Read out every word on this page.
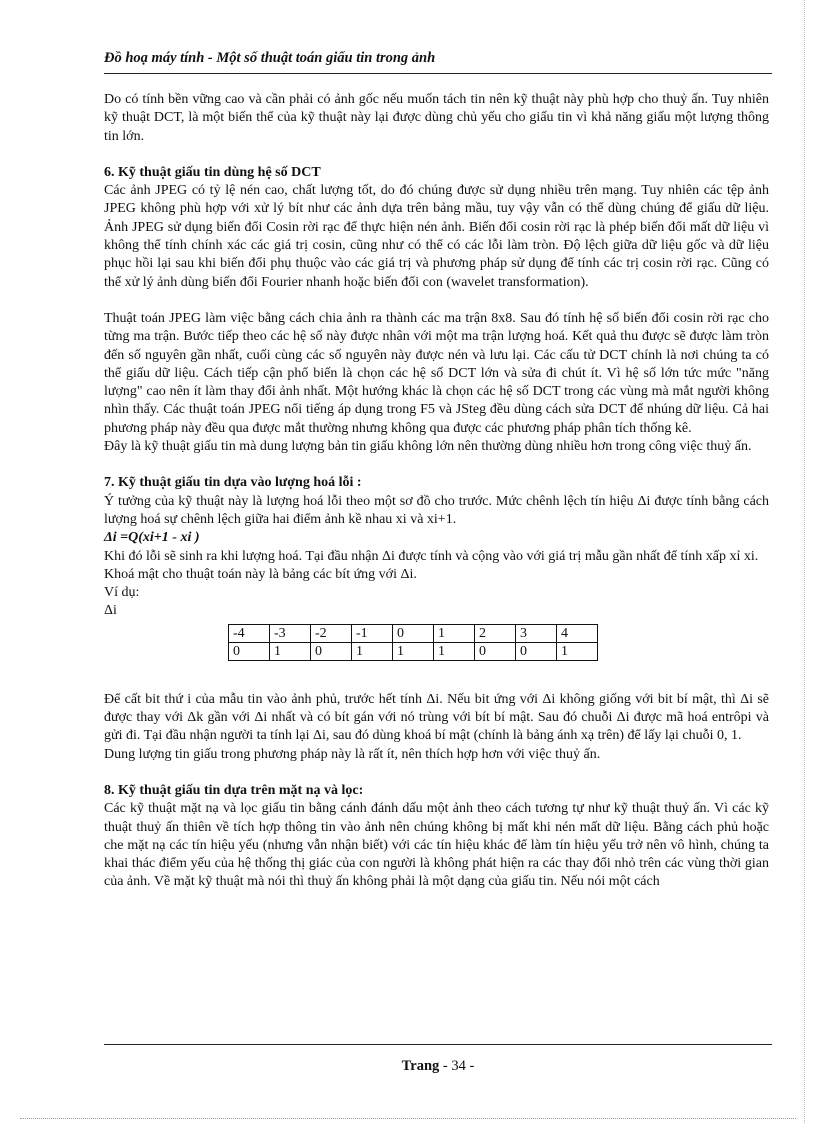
Đồ hoạ máy tính - Một số thuật toán giấu tin trong ảnh

Do có tính bền vững cao và cần phải có ảnh gốc nếu muốn tách tin nên kỹ thuật này phù hợp cho thuỷ ấn. Tuy nhiên kỹ thuật DCT, là một biến thể của kỹ thuật này lại được dùng chủ yếu cho giấu tin vì khả năng giấu một lượng thông tin lớn.

6. Kỹ thuật giấu tin dùng hệ số DCT

Các ảnh JPEG có tỷ lệ nén cao, chất lượng tốt, do đó chúng được sử dụng nhiều trên mạng. Tuy nhiên các tệp ảnh JPEG không phù hợp với xử lý bít như các ảnh dựa trên bảng mầu, tuy vậy vẫn có thể dùng chúng để giấu dữ liệu. Ảnh JPEG sử dụng biến đổi Cosin rời rạc để thực hiện nén ảnh. Biến đổi cosin rời rạc là phép biến đổi mất dữ liệu vì không thể tính chính xác các giá trị cosin, cũng như có thể có các lỗi làm tròn. Độ lệch giữa dữ liệu gốc và dữ liệu phục hồi lại sau khi biến đổi phụ thuộc vào các giá trị và phương pháp sử dụng để tính các trị cosin rời rạc. Cũng có thể xử lý ảnh dùng biến đổi Fourier nhanh hoặc biến đổi con (wavelet transformation).

Thuật toán JPEG làm việc bằng cách chia ảnh ra thành các ma trận 8x8. Sau đó tính hệ số biến đổi cosin rời rạc cho từng ma trận. Bước tiếp theo các hệ số này được nhân với một ma trận lượng hoá. Kết quả thu được sẽ được làm tròn đến số nguyên gần nhất, cuối cùng các số nguyên này được nén và lưu lại. Các cấu tử DCT chính là nơi chúng ta có thể giấu dữ liệu. Cách tiếp cận phổ biến là chọn các hệ số DCT lớn và sửa đi chút ít. Vì hệ số lớn tức mức "năng lượng" cao nên ít làm thay đổi ảnh nhất. Một hướng khác là chọn các hệ số DCT trong các vùng mà mắt người không nhìn thấy. Các thuật toán JPEG nổi tiếng áp dụng trong F5 và JSteg đều dùng cách sửa DCT để nhúng dữ liệu. Cả hai phương pháp này đều qua được mắt thường nhưng không qua được các phương pháp phân tích thống kê.

Đây là kỹ thuật giấu tin mà dung lượng bản tin giấu không lớn nên thường dùng nhiều hơn trong công việc thuỷ ấn.

7. Kỹ thuật giấu tin dựa vào lượng hoá lỗi :

Ý tưởng của kỹ thuật này là lượng hoá lỗi theo một sơ đồ cho trước. Mức chênh lệch tín hiệu Δi được tính bằng cách lượng hoá sự chênh lệch giữa hai điểm ảnh kề nhau xi và xi+1.

Δi =Q(xi+1 - xi )

Khi đó lỗi sẽ sinh ra khi lượng hoá. Tại đầu nhận Δi được tính và cộng vào với giá trị mẫu gần nhất để tính xấp xỉ xi.

Khoá mật cho thuật toán này là bảng các bít ứng với Δi.

Ví dụ:

Δi

-4	-3	-2	-1	0	1	2	3	4
0	1	0	1	1	1	0	0	1

Để cất bit thứ i của mẫu tin vào ảnh phủ, trước hết tính Δi. Nếu bit ứng với Δi không giống với bit bí mật, thì Δi sẽ được thay với Δk gần với Δi nhất và có bít gán với nó trùng với bít bí mật. Sau đó chuỗi Δi được mã hoá entrôpi và gửi đi. Tại đầu nhận người ta tính lại Δi, sau đó dùng khoá bí mật (chính là bảng ánh xạ trên) để lấy lại chuỗi 0, 1.

Dung lượng tin giấu trong phương pháp này là rất ít, nên thích hợp hơn với việc thuỷ ấn.

8. Kỹ thuật giấu tin dựa trên mặt nạ và lọc:

Các kỹ thuật mặt nạ và lọc giấu tin bằng cánh đánh dấu một ảnh theo cách tương tự như kỹ thuật thuỷ ấn. Vì các kỹ thuật thuỷ ấn thiên về tích hợp thông tin vào ảnh nên chúng không bị mất khi nén mất dữ liệu. Bằng cách phủ hoặc che mặt nạ các tín hiệu yếu (nhưng vẫn nhận biết) với các tín hiệu khác để làm tín hiệu yếu trở nên vô hình, chúng ta khai thác điểm yếu của hệ thống thị giác của con người là không phát hiện ra các thay đổi nhỏ trên các vùng thời gian của ảnh. Về mặt kỹ thuật mà nói thì thuỷ ấn không phải là một dạng của giấu tin. Nếu nói một cách

Trang - 34 -
